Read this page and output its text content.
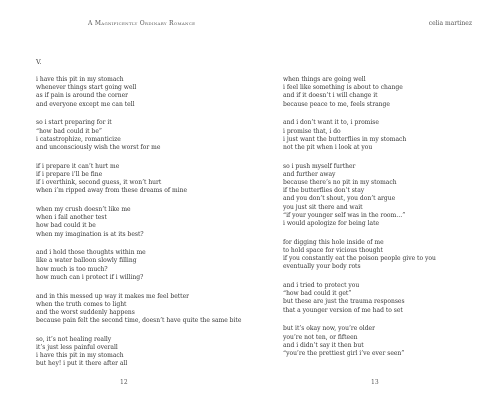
A Magnificently Ordinary Romance	celia martinez
V.
i have this pit in my stomach
whenever things start going well
as if pain is around the corner
and everyone except me can tell
so i start preparing for it
“how bad could it be”
i catastrophize, romanticize
and unconsciously wish the worst for me
if i prepare it can’t hurt me
if i prepare i’ll be fine
if i overthink, second guess, it won’t hurt
when i’m ripped away from these dreams of mine
when my crush doesn’t like me
when i fail another test
how bad could it be
when my imagination is at its best?
and i hold those thoughts within me
like a water balloon slowly filling
how much is too much?
how much can i protect if i willing?
and in this messed up way it makes me feel better
when the truth comes to light
and the worst suddenly happens
because pain felt the second time, doesn’t have quite the same bite
so, it’s not healing really
it’s just less painful overall
i have this pit in my stomach
but hey! i put it there after all
when things are going well
i feel like something is about to change
and if it doesn’t i will change it
because peace to me, feels strange
and i don’t want it to, i promise
i promise that, i do
i just want the butterflies in my stomach
not the pit when i look at you
so i push myself further
and further away
because there’s no pit in my stomach
if the butterflies don’t stay
and you don’t shout, you don’t argue
you just sit there and wait
“if your younger self was in the room…”
i would apologize for being late
for digging this hole inside of me
to hold space for vicious thought
if you constantly eat the poison people give to you
eventually your body rots
and i tried to protect you
“how bad could it get”
but these are just the trauma responses
that a younger version of me had to set
but it’s okay now, you’re older
you’re not ten, or fifteen
and i didn’t say it then but
“you’re the prettiest girl i’ve ever seen”
12	13
